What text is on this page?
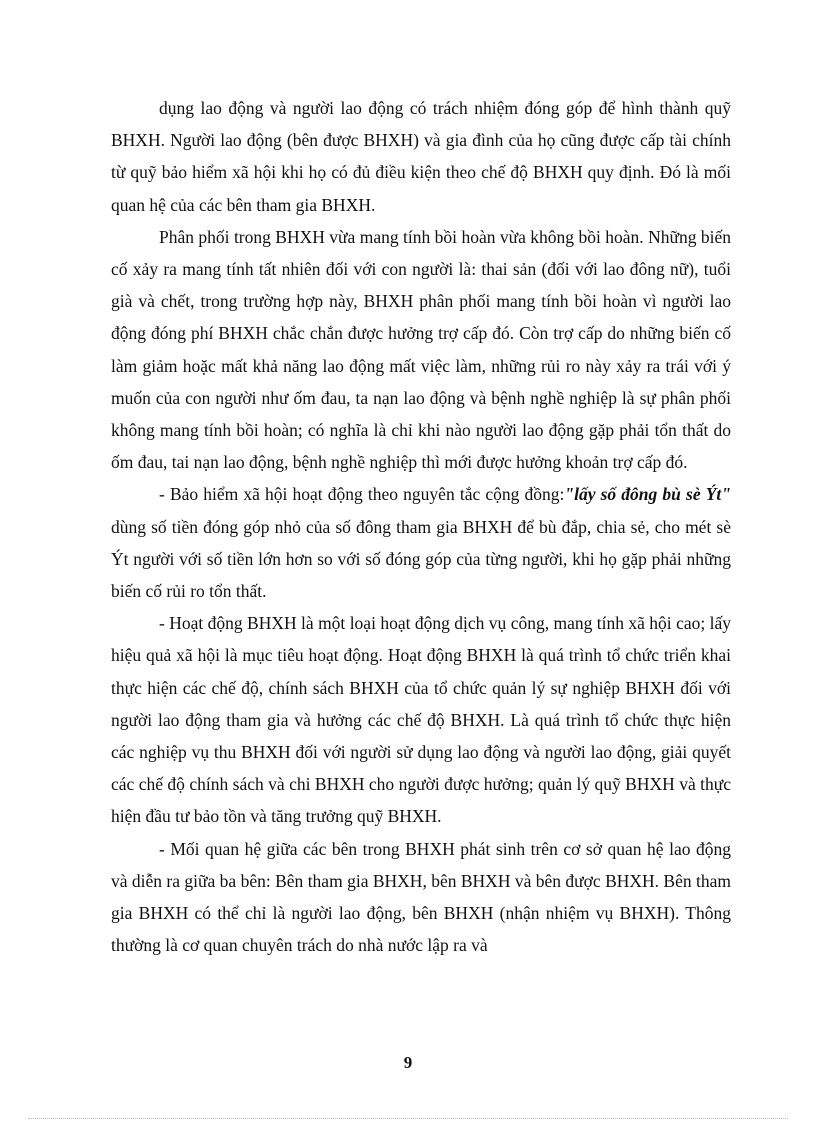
dụng lao động và người lao động có trách nhiệm đóng góp để hình thành quỹ BHXH. Người lao động (bên được BHXH) và gia đình của họ cũng được cấp tài chính từ quỹ bảo hiểm xã hội khi họ có đủ điều kiện theo chế độ BHXH quy định. Đó là mối quan hệ của các bên tham gia BHXH.

Phân phối trong BHXH vừa mang tính bồi hoàn vừa không bồi hoàn. Những biến cố xảy ra mang tính tất nhiên đối với con người là: thai sản (đối với lao đông nữ), tuổi già và chết, trong trường hợp này, BHXH phân phối mang tính bồi hoàn vì người lao động đóng phí BHXH chắc chắn được hưởng trợ cấp đó. Còn trợ cấp do những biến cố làm giảm hoặc mất khả năng lao động mất việc làm, những rủi ro này xảy ra trái với ý muốn của con người như ốm đau, ta nạn lao động và bệnh nghề nghiệp là sự phân phối không mang tính bồi hoàn; có nghĩa là chỉ khi nào người lao động gặp phải tổn thất do ốm đau, tai nạn lao động, bệnh nghề nghiệp thì mới được hưởng khoản trợ cấp đó.

- Bảo hiểm xã hội hoạt động theo nguyên tắc cộng đồng:"lấy số đông bù sè Ýt" dùng số tiền đóng góp nhỏ của số đông tham gia BHXH để bù đắp, chia sẻ, cho mét sè Ýt người với số tiền lớn hơn so với số đóng góp của từng người, khi họ gặp phải những biến cố rủi ro tổn thất.

- Hoạt động BHXH là một loại hoạt động dịch vụ công, mang tính xã hội cao; lấy hiệu quả xã hội là mục tiêu hoạt động. Hoạt động BHXH là quá trình tổ chức triển khai thực hiện các chế độ, chính sách BHXH của tổ chức quản lý sự nghiệp BHXH đối với người lao động tham gia và hưởng các chế độ BHXH. Là quá trình tổ chức thực hiện các nghiệp vụ thu BHXH đối với người sử dụng lao động và người lao động, giải quyết các chế độ chính sách và chi BHXH cho người được hưởng; quản lý quỹ BHXH và thực hiện đầu tư bảo tồn và tăng trưởng quỹ BHXH.

- Mối quan hệ giữa các bên trong BHXH phát sinh trên cơ sở quan hệ lao động và diễn ra giữa ba bên: Bên tham gia BHXH, bên BHXH và bên được BHXH. Bên tham gia BHXH có thể chỉ là người lao động, bên BHXH (nhận nhiệm vụ BHXH). Thông thường là cơ quan chuyên trách do nhà nước lập ra và

9
